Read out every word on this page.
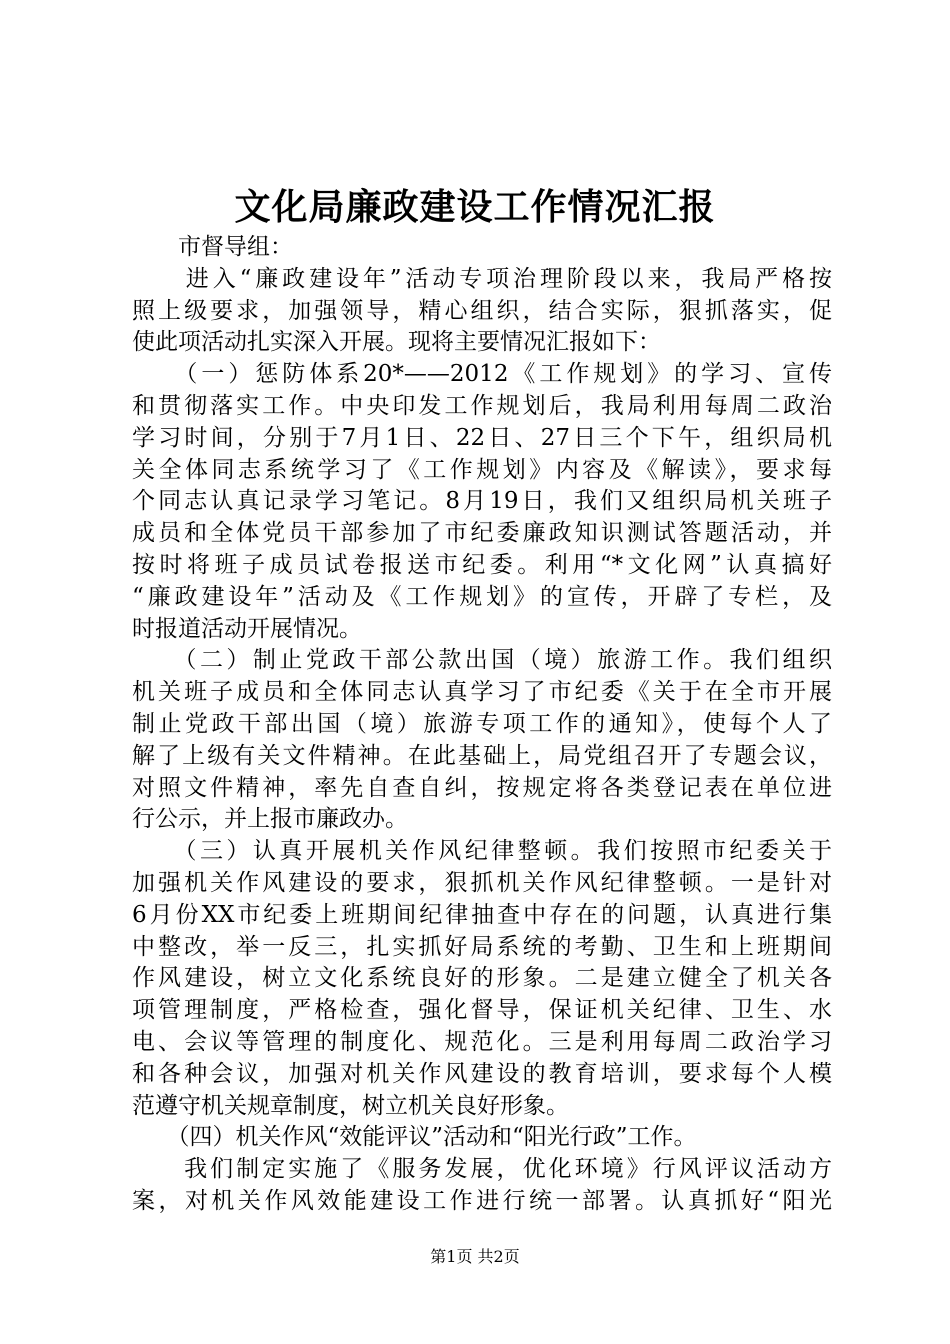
文化局廉政建设工作情况汇报
　　市督导组：
　　进入“廉政建设年”活动专项治理阶段以来，我局严格按
照上级要求，加强领导，精心组织，结合实际，狠抓落实，促
使此项活动扎实深入开展。现将主要情况汇报如下：
　　（一）惩防体系20*——2012《工作规划》的学习、宣传
和贯彻落实工作。中央印发工作规划后，我局利用每周二政治
学习时间，分别于7月1日、22日、27日三个下午，组织局机
关全体同志系统学习了《工作规划》内容及《解读》，要求每
个同志认真记录学习笔记。8月19日，我们又组织局机关班子
成员和全体党员干部参加了市纪委廉政知识测试答题活动，并
按时将班子成员试卷报送市纪委。利用“*文化网”认真搞好
“廉政建设年”活动及《工作规划》的宣传，开辟了专栏，及
时报道活动开展情况。
　　（二）制止党政干部公款出国（境）旅游工作。我们组织
机关班子成员和全体同志认真学习了市纪委《关于在全市开展
制止党政干部出国（境）旅游专项工作的通知》，使每个人了
解了上级有关文件精神。在此基础上，局党组召开了专题会议，
对照文件精神，率先自查自纠，按规定将各类登记表在单位进
行公示，并上报市廉政办。
　　（三）认真开展机关作风纪律整顿。我们按照市纪委关于
加强机关作风建设的要求，狠抓机关作风纪律整顿。一是针对
6月份XX市纪委上班期间纪律抽查中存在的问题，认真进行集
中整改，举一反三，扎实抓好局系统的考勤、卫生和上班期间
作风建设，树立文化系统良好的形象。二是建立健全了机关各
项管理制度，严格检查，强化督导，保证机关纪律、卫生、水
电、会议等管理的制度化、规范化。三是利用每周二政治学习
和各种会议，加强对机关作风建设的教育培训，要求每个人模
范遵守机关规章制度，树立机关良好形象。
　　（四）机关作风“效能评议”活动和“阳光行政”工作。
　　我们制定实施了《服务发展，优化环境》行风评议活动方
案，对机关作风效能建设工作进行统一部署。认真抓好“阳光
第1页 共2页
